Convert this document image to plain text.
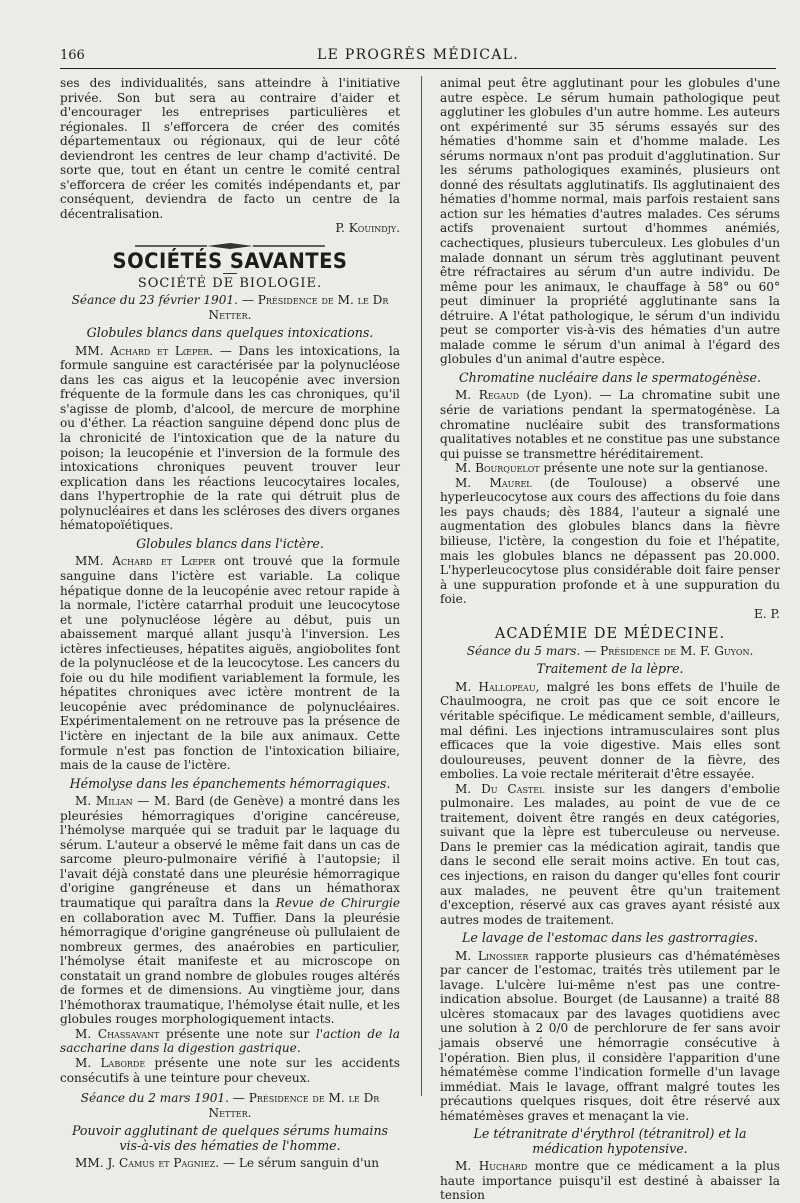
166	LE PROGRÈS MÉDICAL.

ses des individualités, sans atteindre à l'initiative privée. Son but sera au contraire d'aider et d'encourager les entreprises particulières et régionales. Il s'efforcera de créer des comités départementaux ou régionaux, qui de leur côté deviendront les centres de leur champ d'activité. De sorte que, tout en étant un centre le comité central s'efforcera de créer les comités indépendants et, par conséquent, deviendra de facto un centre de la décentralisation.

P. Kouindjy.

SOCIÉTÉS SAVANTES
SOCIÉTÉ DE BIOLOGIE.
Séance du 23 février 1901. — Présidence de M. le Dr Netter.
Globules blancs dans quelques intoxications.

MM. Achard et Lœper. — Dans les intoxications, la formule sanguine est caractérisée par la polynucléose dans les cas aigus et la leucopénie avec inversion fréquente de la formule dans les cas chroniques, qu'il s'agisse de plomb, d'alcool, de mercure de morphine ou d'éther. La réaction sanguine dépend donc plus de la chronicité de l'intoxication que de la nature du poison; la leucopénie et l'inversion de la formule des intoxications chroniques peuvent trouver leur explication dans les réactions leucocytaires locales, dans l'hypertrophie de la rate qui détruit plus de polynucléaires et dans les scléroses des divers organes hématopoïétiques.

Globules blancs dans l'ictère.

MM. Achard et Lœper ont trouvé que la formule sanguine dans l'ictère est variable. La colique hépatique donne de la leucopénie avec retour rapide à la normale, l'ictère catarrhal produit une leucocytose et une polynucléose légère au début, puis un abaissement marqué allant jusqu'à l'inversion. Les ictères infectieuses, hépatites aiguës, angiobolites font de la polynucléose et de la leucocytose. Les cancers du foie ou du hile modifient variablement la formule, les hépatites chroniques avec ictère montrent de la leucopénie avec prédominance de polynucléaires. Expérimentalement on ne retrouve pas la présence de l'ictère en injectant de la bile aux animaux. Cette formule n'est pas fonction de l'intoxication biliaire, mais de la cause de l'ictère.

Hémolyse dans les épanchements hémorragiques.

M. Milian — M. Bard (de Genève) a montré dans les pleurésies hémorragiques d'origine cancéreuse, l'hémolyse marquée qui se traduit par le laquage du sérum. L'auteur a observé le même fait dans un cas de sarcome pleuro-pulmonaire vérifié à l'autopsie; il l'avait déjà constaté dans une pleurésie hémorragique d'origine gangréneuse et dans un hémathorax traumatique qui paraîtra dans la Revue de Chirurgie en collaboration avec M. Tuffier. Dans la pleurésie hémorragique d'origine gangréneuse où pullulaient de nombreux germes, des anaérobies en particulier, l'hémolyse était manifeste et au microscope on constatait un grand nombre de globules rouges altérés de formes et de dimensions. Au vingtième jour, dans l'hémothorax traumatique, l'hémolyse était nulle, et les globules rouges morphologiquement intacts.

M. Chassavant présente une note sur l'action de la saccharine dans la digestion gastrique.

M. Laborde présente une note sur les accidents consécutifs à une teinture pour cheveux.

Séance du 2 mars 1901. — Présidence de M. le Dr Netter.
Pouvoir agglutinant de quelques sérums humains vis-à-vis des hématies de l'homme.

MM. J. Camus et Pagniez. — Le sérum sanguin d'un

animal peut être agglutinant pour les globules d'une autre espèce. Le sérum humain pathologique peut agglutiner les globules d'un autre homme. Les auteurs ont expérimenté sur 35 sérums essayés sur des hématies d'homme sain et d'homme malade. Les sérums normaux n'ont pas produit d'agglutination. Sur les sérums pathologiques examinés, plusieurs ont donné des résultats agglutinatifs. Ils agglutinaient des hématies d'homme normal, mais parfois restaient sans action sur les hématies d'autres malades. Ces sérums actifs provenaient surtout d'hommes anémiés, cachectiques, plusieurs tuberculeux. Les globules d'un malade donnant un sérum très agglutinant peuvent être réfractaires au sérum d'un autre individu. De même pour les animaux, le chauffage à 58° ou 60° peut diminuer la propriété agglutinante sans la détruire. A l'état pathologique, le sérum d'un individu peut se comporter vis-à-vis des hématies d'un autre malade comme le sérum d'un animal à l'égard des globules d'un animal d'autre espèce.

Chromatine nucléaire dans le spermatogénèse.

M. Regaud (de Lyon). — La chromatine subit une série de variations pendant la spermatogénèse. La chromatine nucléaire subit des transformations qualitatives notables et ne constitue pas une substance qui puisse se transmettre héréditairement.

M. Bourquelot présente une note sur la gentianose.

M. Maurel (de Toulouse) a observé une hyperleucocytose aux cours des affections du foie dans les pays chauds; dès 1884, l'auteur a signalé une augmentation des globules blancs dans la fièvre bilieuse, l'ictère, la congestion du foie et l'hépatite, mais les globules blancs ne dépassent pas 20.000. L'hyperleucocytose plus considérable doit faire penser à une suppuration profonde et à une suppuration du foie.

E. P.

ACADÉMIE DE MÉDECINE.
Séance du 5 mars. — Présidence de M. F. Guyon.
Traitement de la lèpre.

M. Hallopeau, malgré les bons effets de l'huile de Chaulmoogra, ne croit pas que ce soit encore le véritable spécifique. Le médicament semble, d'ailleurs, mal défini. Les injections intramusculaires sont plus efficaces que la voie digestive. Mais elles sont douloureuses, peuvent donner de la fièvre, des embolies. La voie rectale mériterait d'être essayée.

M. Du Castel insiste sur les dangers d'embolie pulmonaire. Les malades, au point de vue de ce traitement, doivent être rangés en deux catégories, suivant que la lèpre est tuberculeuse ou nerveuse. Dans le premier cas la médication agirait, tandis que dans le second elle serait moins active. En tout cas, ces injections, en raison du danger qu'elles font courir aux malades, ne peuvent être qu'un traitement d'exception, réservé aux cas graves ayant résisté aux autres modes de traitement.

Le lavage de l'estomac dans les gastrorragies.

M. Linossier rapporte plusieurs cas d'hématémèses par cancer de l'estomac, traités très utilement par le lavage. L'ulcère lui-même n'est pas une contre-indication absolue. Bourget (de Lausanne) a traité 88 ulcères stomacaux par des lavages quotidiens avec une solution à 2 0/0 de perchlorure de fer sans avoir jamais observé une hémorragie consécutive à l'opération. Bien plus, il considère l'apparition d'une hématémèse comme l'indication formelle d'un lavage immédiat. Mais le lavage, offrant malgré toutes les précautions quelques risques, doit être réservé aux hématémèses graves et menaçant la vie.

Le tétranitrate d'érythrol (tétranitrol) et la médication hypotensive.

M. Huchard montre que ce médicament a la plus haute importance puisqu'il est destiné à abaisser la tension
